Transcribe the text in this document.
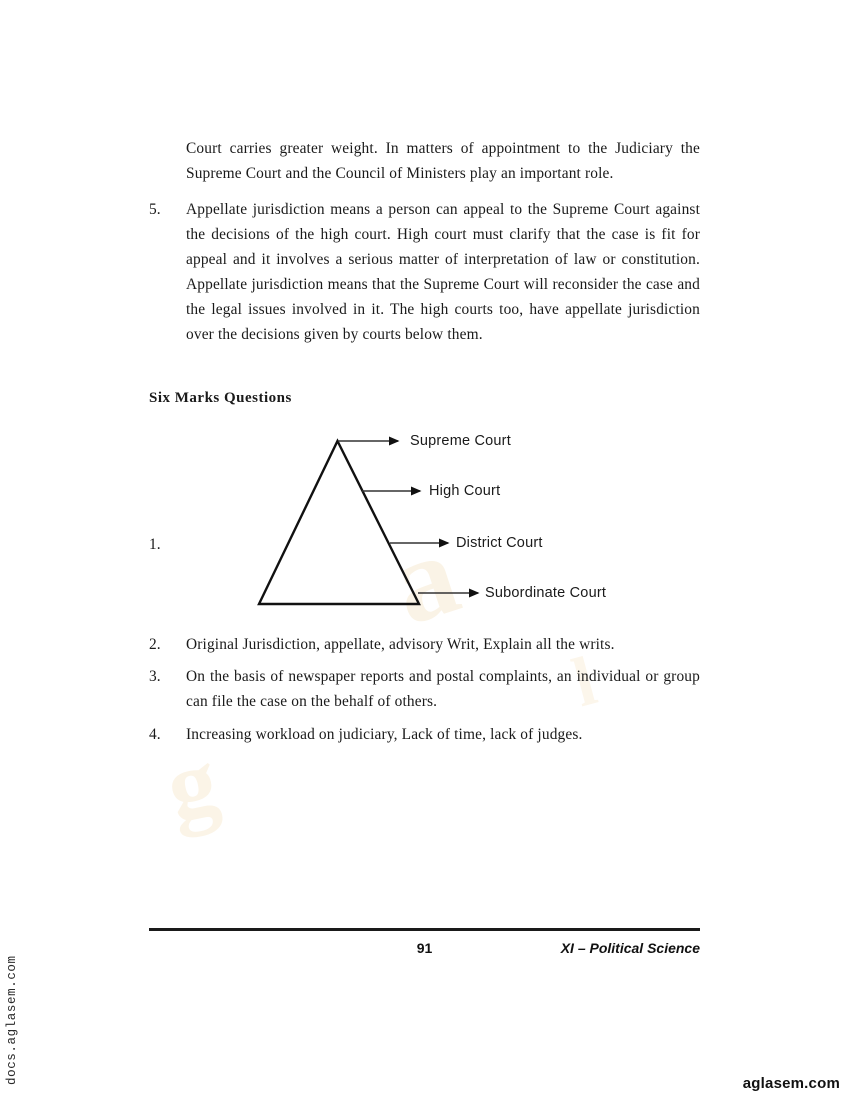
a
g
l
Court carries greater weight. In matters of appointment to the Judiciary the Supreme Court and the Council of Ministers play an important role.
5.	Appellate jurisdiction means a person can appeal to the Supreme Court against the decisions of the high court. High court must clarify that the case is fit for appeal and it involves a serious matter of interpretation of law or constitution. Appellate jurisdiction means that the Supreme Court will reconsider the case and the legal issues involved in it. The high courts too, have appellate jurisdiction over the decisions given by courts below them.
1.
2.	Original Jurisdiction, appellate, advisory Writ, Explain all the writs.
3.	On the basis of newspaper reports and postal complaints, an individual or group can file the case on the behalf of others.
4.	Increasing workload on judiciary, Lack of time, lack of judges.
Six Marks Questions
Supreme Court
High Court
District Court
Subordinate Court
91	XI – Political Science
docs.aglasem.com	aglasem.com
